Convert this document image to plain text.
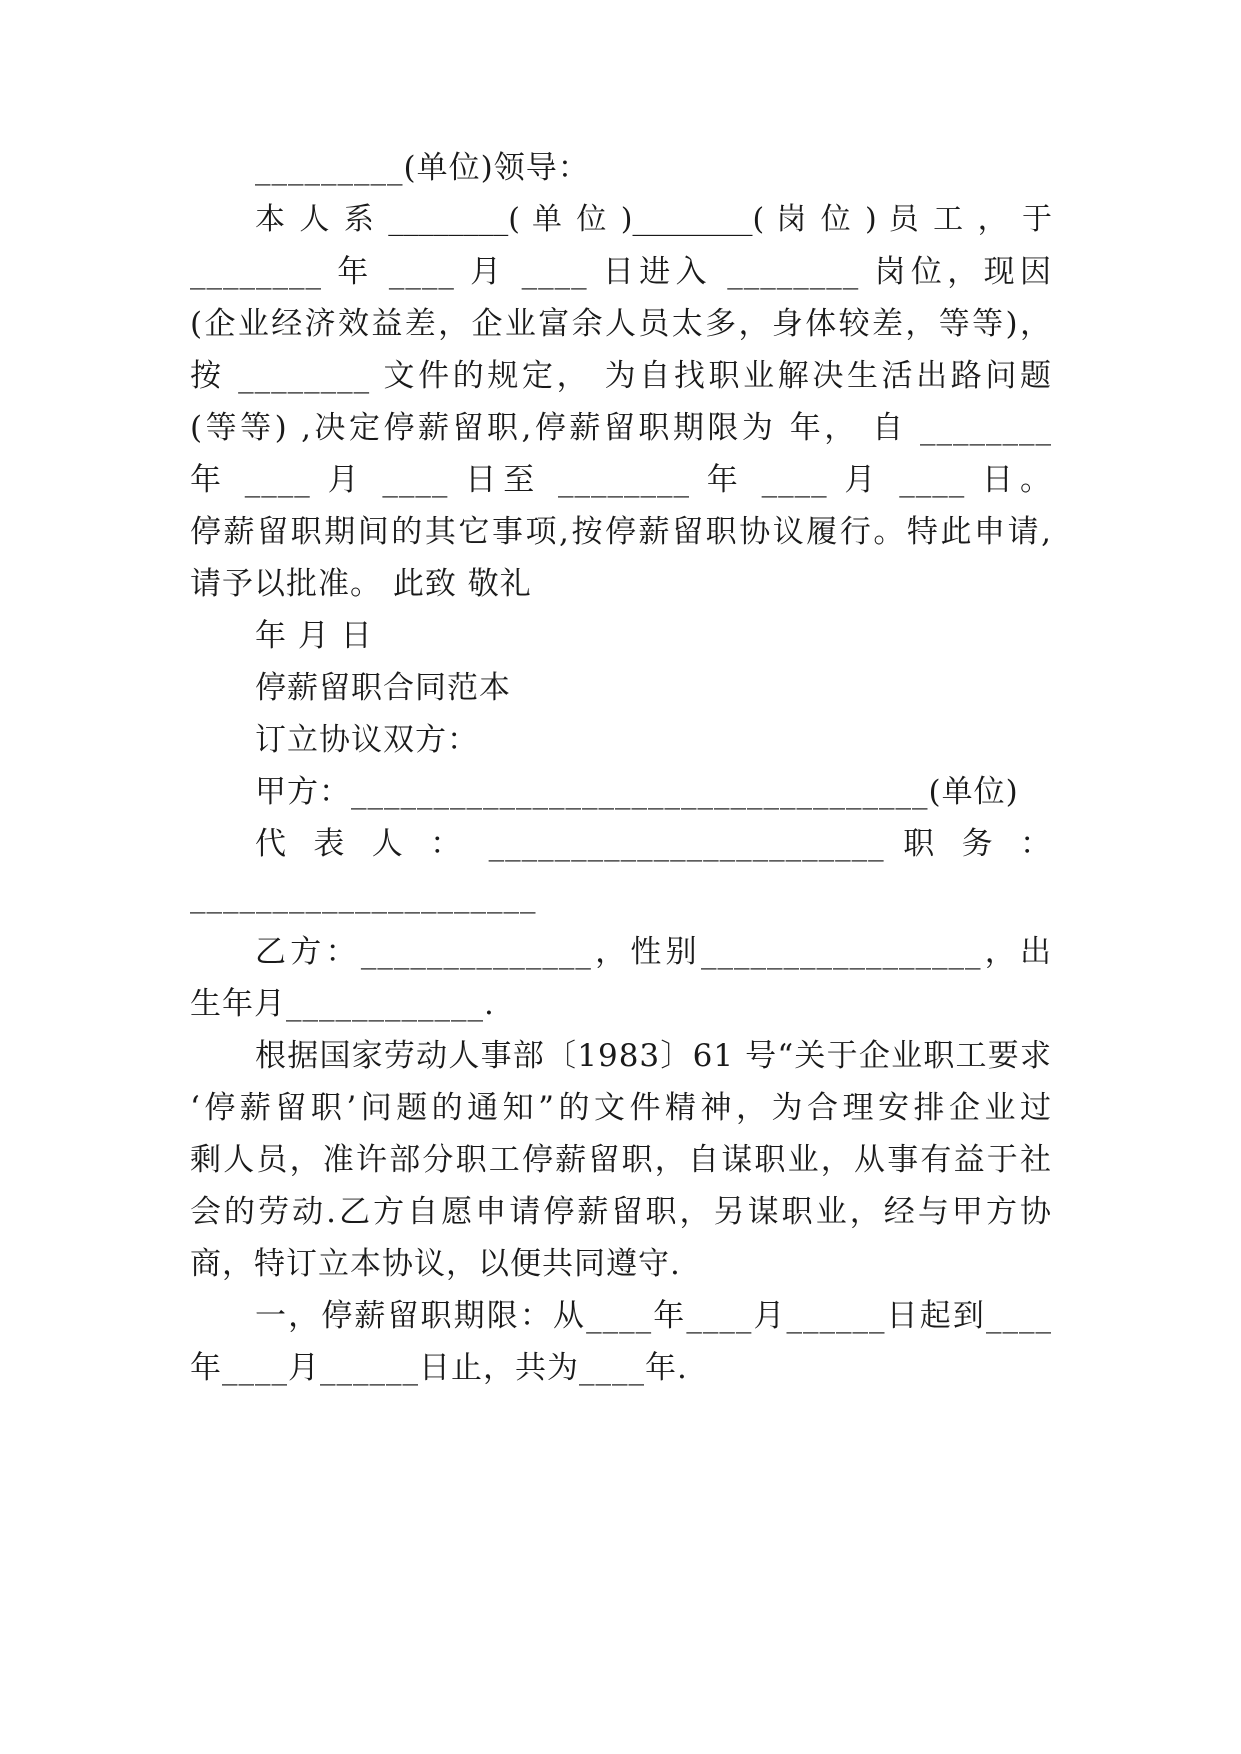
_________(单位)领导：
本 人 系 ________( 单 位 )________( 岗 位 ) 员 工 ， 于
________ 年 ____ 月 ____ 日进入 ________ 岗位，现因
(企业经济效益差，企业富余人员太多，身体较差，等等)，
按 ________ 文件的规定， 为自找职业解决生活出路问题
(等等) ,决定停薪留职,停薪留职期限为 年， 自 ________
年 ____ 月 ____ 日至 ________ 年 ____ 月 ____ 日。
停薪留职期间的其它事项,按停薪留职协议履行。特此申请,
请予以批准。 此致 敬礼
年 月 日
停薪留职合同范本
订立协议双方：
甲方：___________________________________(单位)
代 表 人 ： ________________________ 职 务 ：
_____________________
乙方：______________，性别_________________，出
生年月____________.
根据国家劳动人事部〔1983〕61 号“关于企业职工要求
‘停薪留职’问题的通知”的文件精神，为合理安排企业过
剩人员，准许部分职工停薪留职，自谋职业，从事有益于社
会的劳动.乙方自愿申请停薪留职，另谋职业，经与甲方协
商，特订立本协议，以便共同遵守.
一，停薪留职期限：从____年____月______日起到____
年____月______日止，共为____年.
